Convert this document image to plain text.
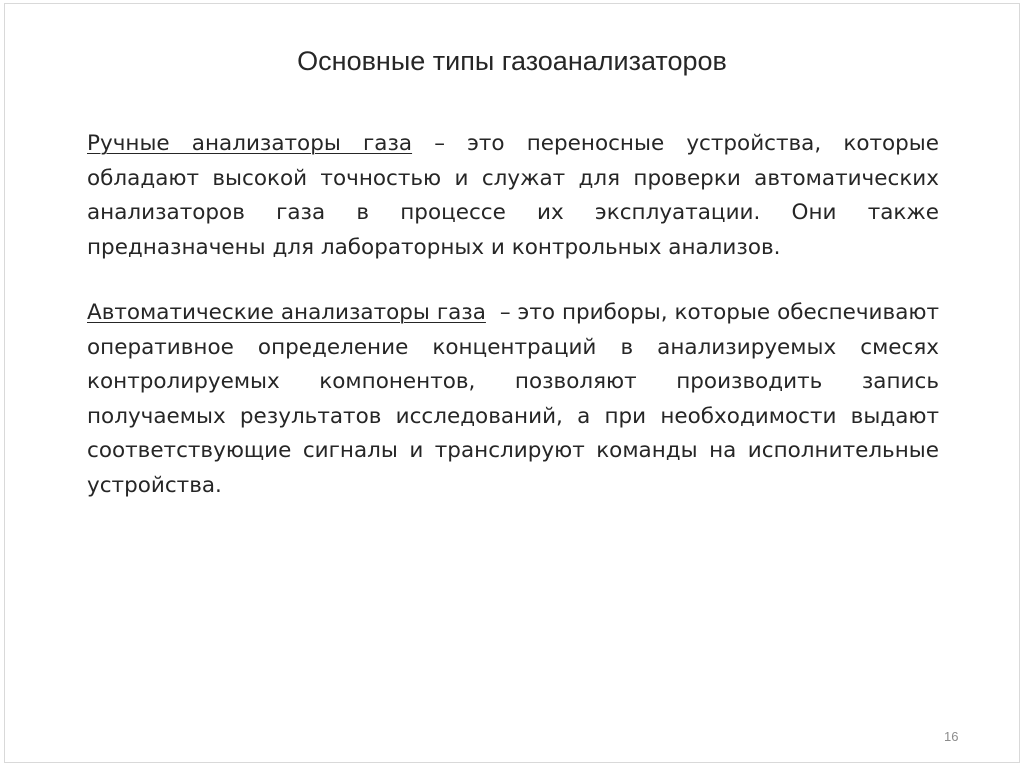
Основные типы газоанализаторов

Ручные анализаторы газа – это переносные устройства, которые обладают высокой точностью и служат для проверки автоматических анализаторов газа в процессе их эксплуатации. Они также предназначены для лабораторных и контрольных анализов.

Автоматические анализаторы газа  – это приборы, которые обеспечивают оперативное определение концентраций в анализируемых смесях контролируемых компонентов, позволяют производить запись получаемых результатов исследований, а при необходимости выдают соответствующие сигналы и транслируют команды на исполнительные устройства.

16
